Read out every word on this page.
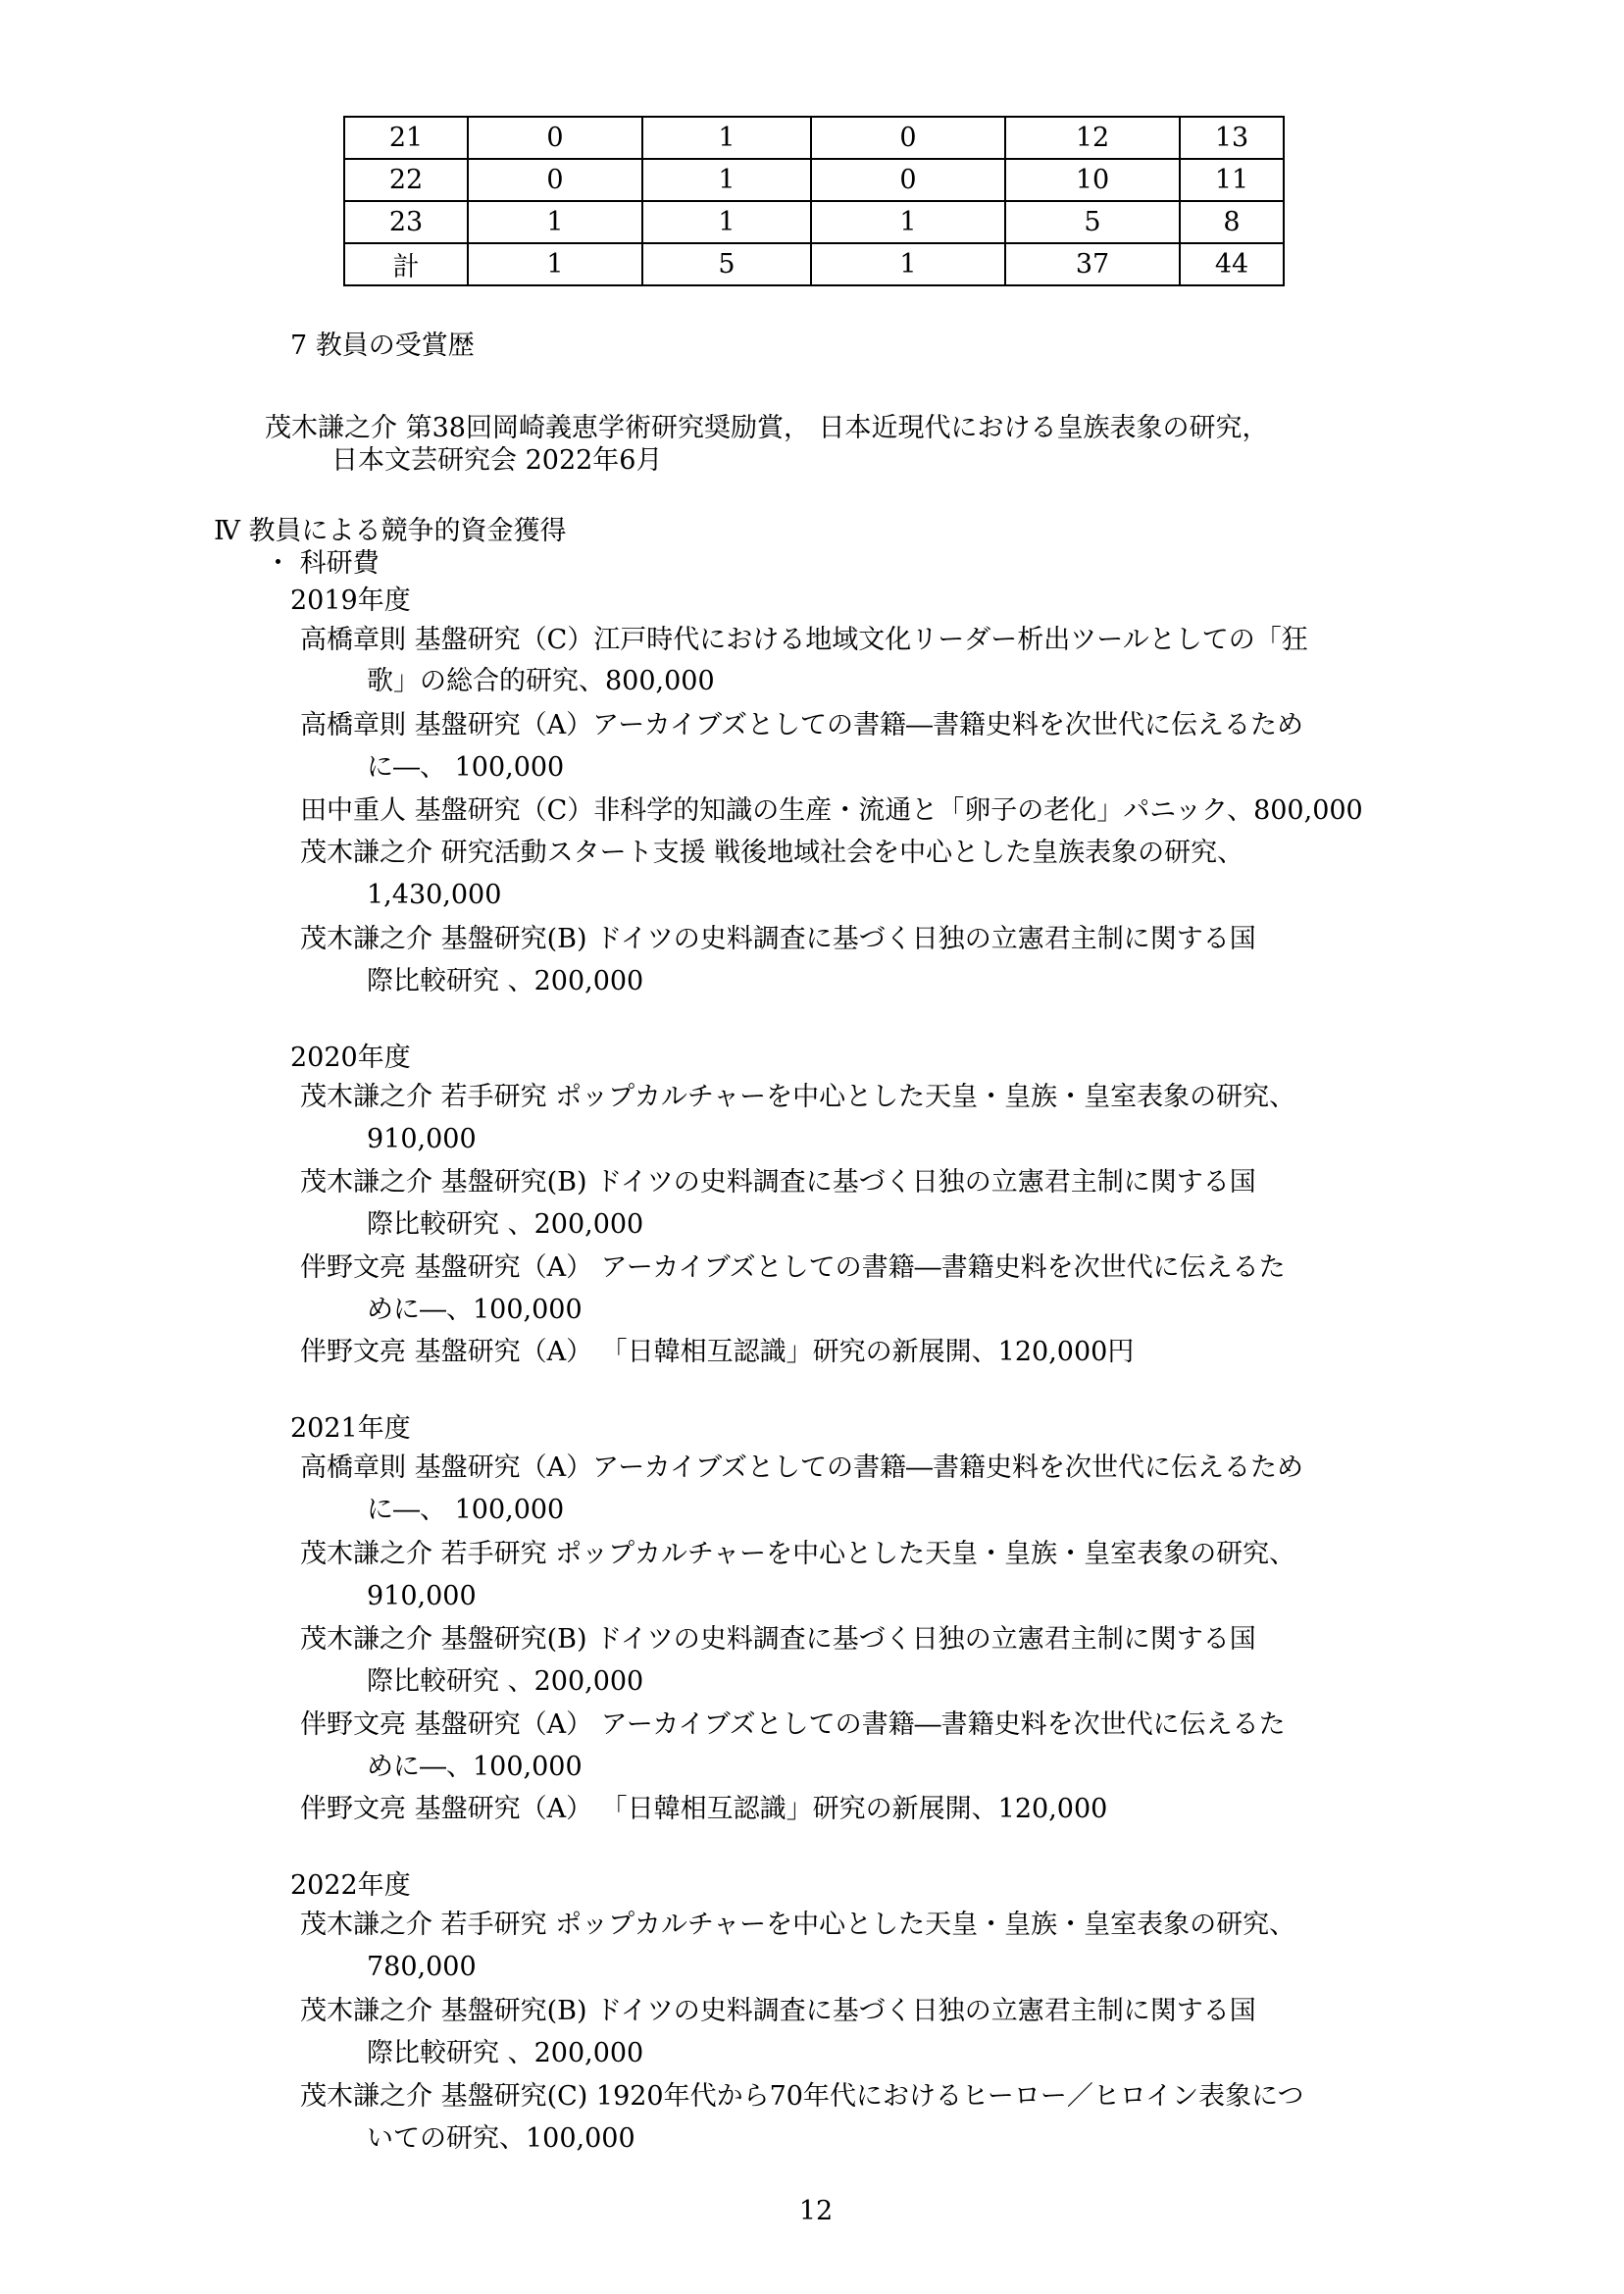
21	0	1	0	12	13
22	0	1	0	10	11
23	1	1	1	5	8
計	1	5	1	37	44
7 教員の受賞歴
茂木謙之介 第38回岡崎義恵学術研究奨励賞， 日本近現代における皇族表象の研究，
日本文芸研究会 2022年6月
Ⅳ 教員による競争的資金獲得
・ 科研費
2019年度
高橋章則 基盤研究（C）江戸時代における地域文化リーダー析出ツールとしての「狂
歌」の総合的研究、800,000
高橋章則 基盤研究（A）アーカイブズとしての書籍―書籍史料を次世代に伝えるため
に―、 100,000
田中重人 基盤研究（C）非科学的知識の生産・流通と「卵子の老化」パニック、800,000
茂木謙之介 研究活動スタート支援 戦後地域社会を中心とした皇族表象の研究、
1,430,000
茂木謙之介 基盤研究(B) ドイツの史料調査に基づく日独の立憲君主制に関する国
際比較研究 、200,000
2020年度
茂木謙之介 若手研究 ポップカルチャーを中心とした天皇・皇族・皇室表象の研究、
910,000
茂木謙之介 基盤研究(B) ドイツの史料調査に基づく日独の立憲君主制に関する国
際比較研究 、200,000
伴野文亮 基盤研究（A） アーカイブズとしての書籍―書籍史料を次世代に伝えるた
めに―、100,000
伴野文亮 基盤研究（A） 「日韓相互認識」研究の新展開、120,000円
2021年度
高橋章則 基盤研究（A）アーカイブズとしての書籍―書籍史料を次世代に伝えるため
に―、 100,000
茂木謙之介 若手研究 ポップカルチャーを中心とした天皇・皇族・皇室表象の研究、
910,000
茂木謙之介 基盤研究(B) ドイツの史料調査に基づく日独の立憲君主制に関する国
際比較研究 、200,000
伴野文亮 基盤研究（A） アーカイブズとしての書籍―書籍史料を次世代に伝えるた
めに―、100,000
伴野文亮 基盤研究（A） 「日韓相互認識」研究の新展開、120,000
2022年度
茂木謙之介 若手研究 ポップカルチャーを中心とした天皇・皇族・皇室表象の研究、
780,000
茂木謙之介 基盤研究(B) ドイツの史料調査に基づく日独の立憲君主制に関する国
際比較研究 、200,000
茂木謙之介 基盤研究(C) 1920年代から70年代におけるヒーロー／ヒロイン表象につ
いての研究、100,000
12
